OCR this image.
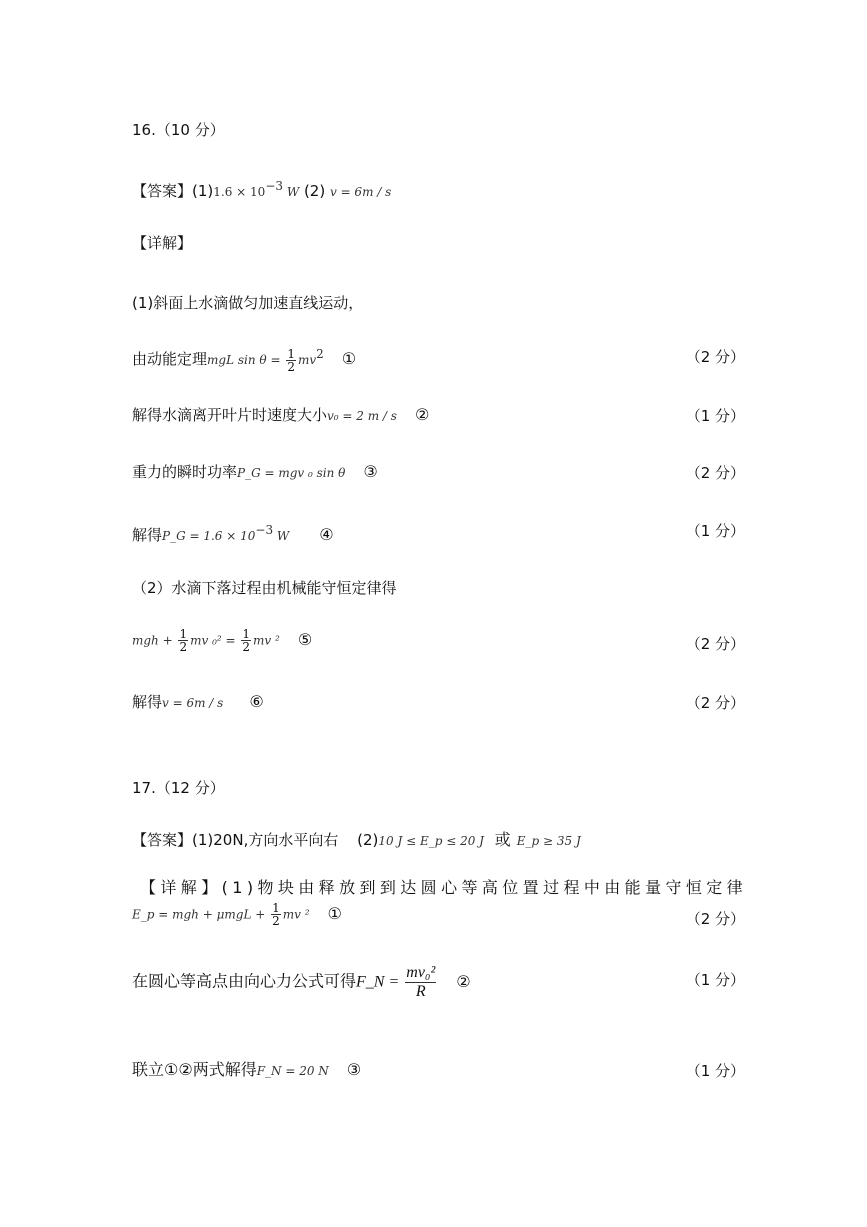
16.（10 分）
【答案】$(1)1.6 \times 10^{-3}$ W (2) v = 6m / s
【详解】
(1)斜面上水滴做匀加速直线运动，
由动能定理mgL $\sin \theta = \frac{1}{2} mv^2$ ①	（2 分）
解得水滴离开叶片时速度大小v₀ = 2 m / s ②	（1 分）
重力的瞬时功率P_G = mgv ₀ sin θ ③	（2 分）
解得P_G = $1.6 \times 10^{-3}$ W ④	（1 分）
（2）水滴下落过程由机械能守恒定律得
mgh + $\frac{1}{2}$ mv $_0^2 = \frac{1}{2}$ mv ² ⑤	（2 分）
解得v = 6m / s ⑥	（2 分）
17.（12 分）
【答案】(1)20N,方向水平向右 (2)10 J ≤ E_p ≤ 20 J 或 E_p ≥ 35 J
【详解】(1)物块由释放到到达圆心等高位置过程中由能量守恒定律
E_p = mgh + $\mu mgL + \frac{1}{2}$ mv ² ①	（2 分）
在圆心等高点由向心力公式可得F_N = $\frac{\text{mv₀²}}{R}$ ②	（1 分）
联立①②两式解得F_N = 20 N ③	（1 分）
